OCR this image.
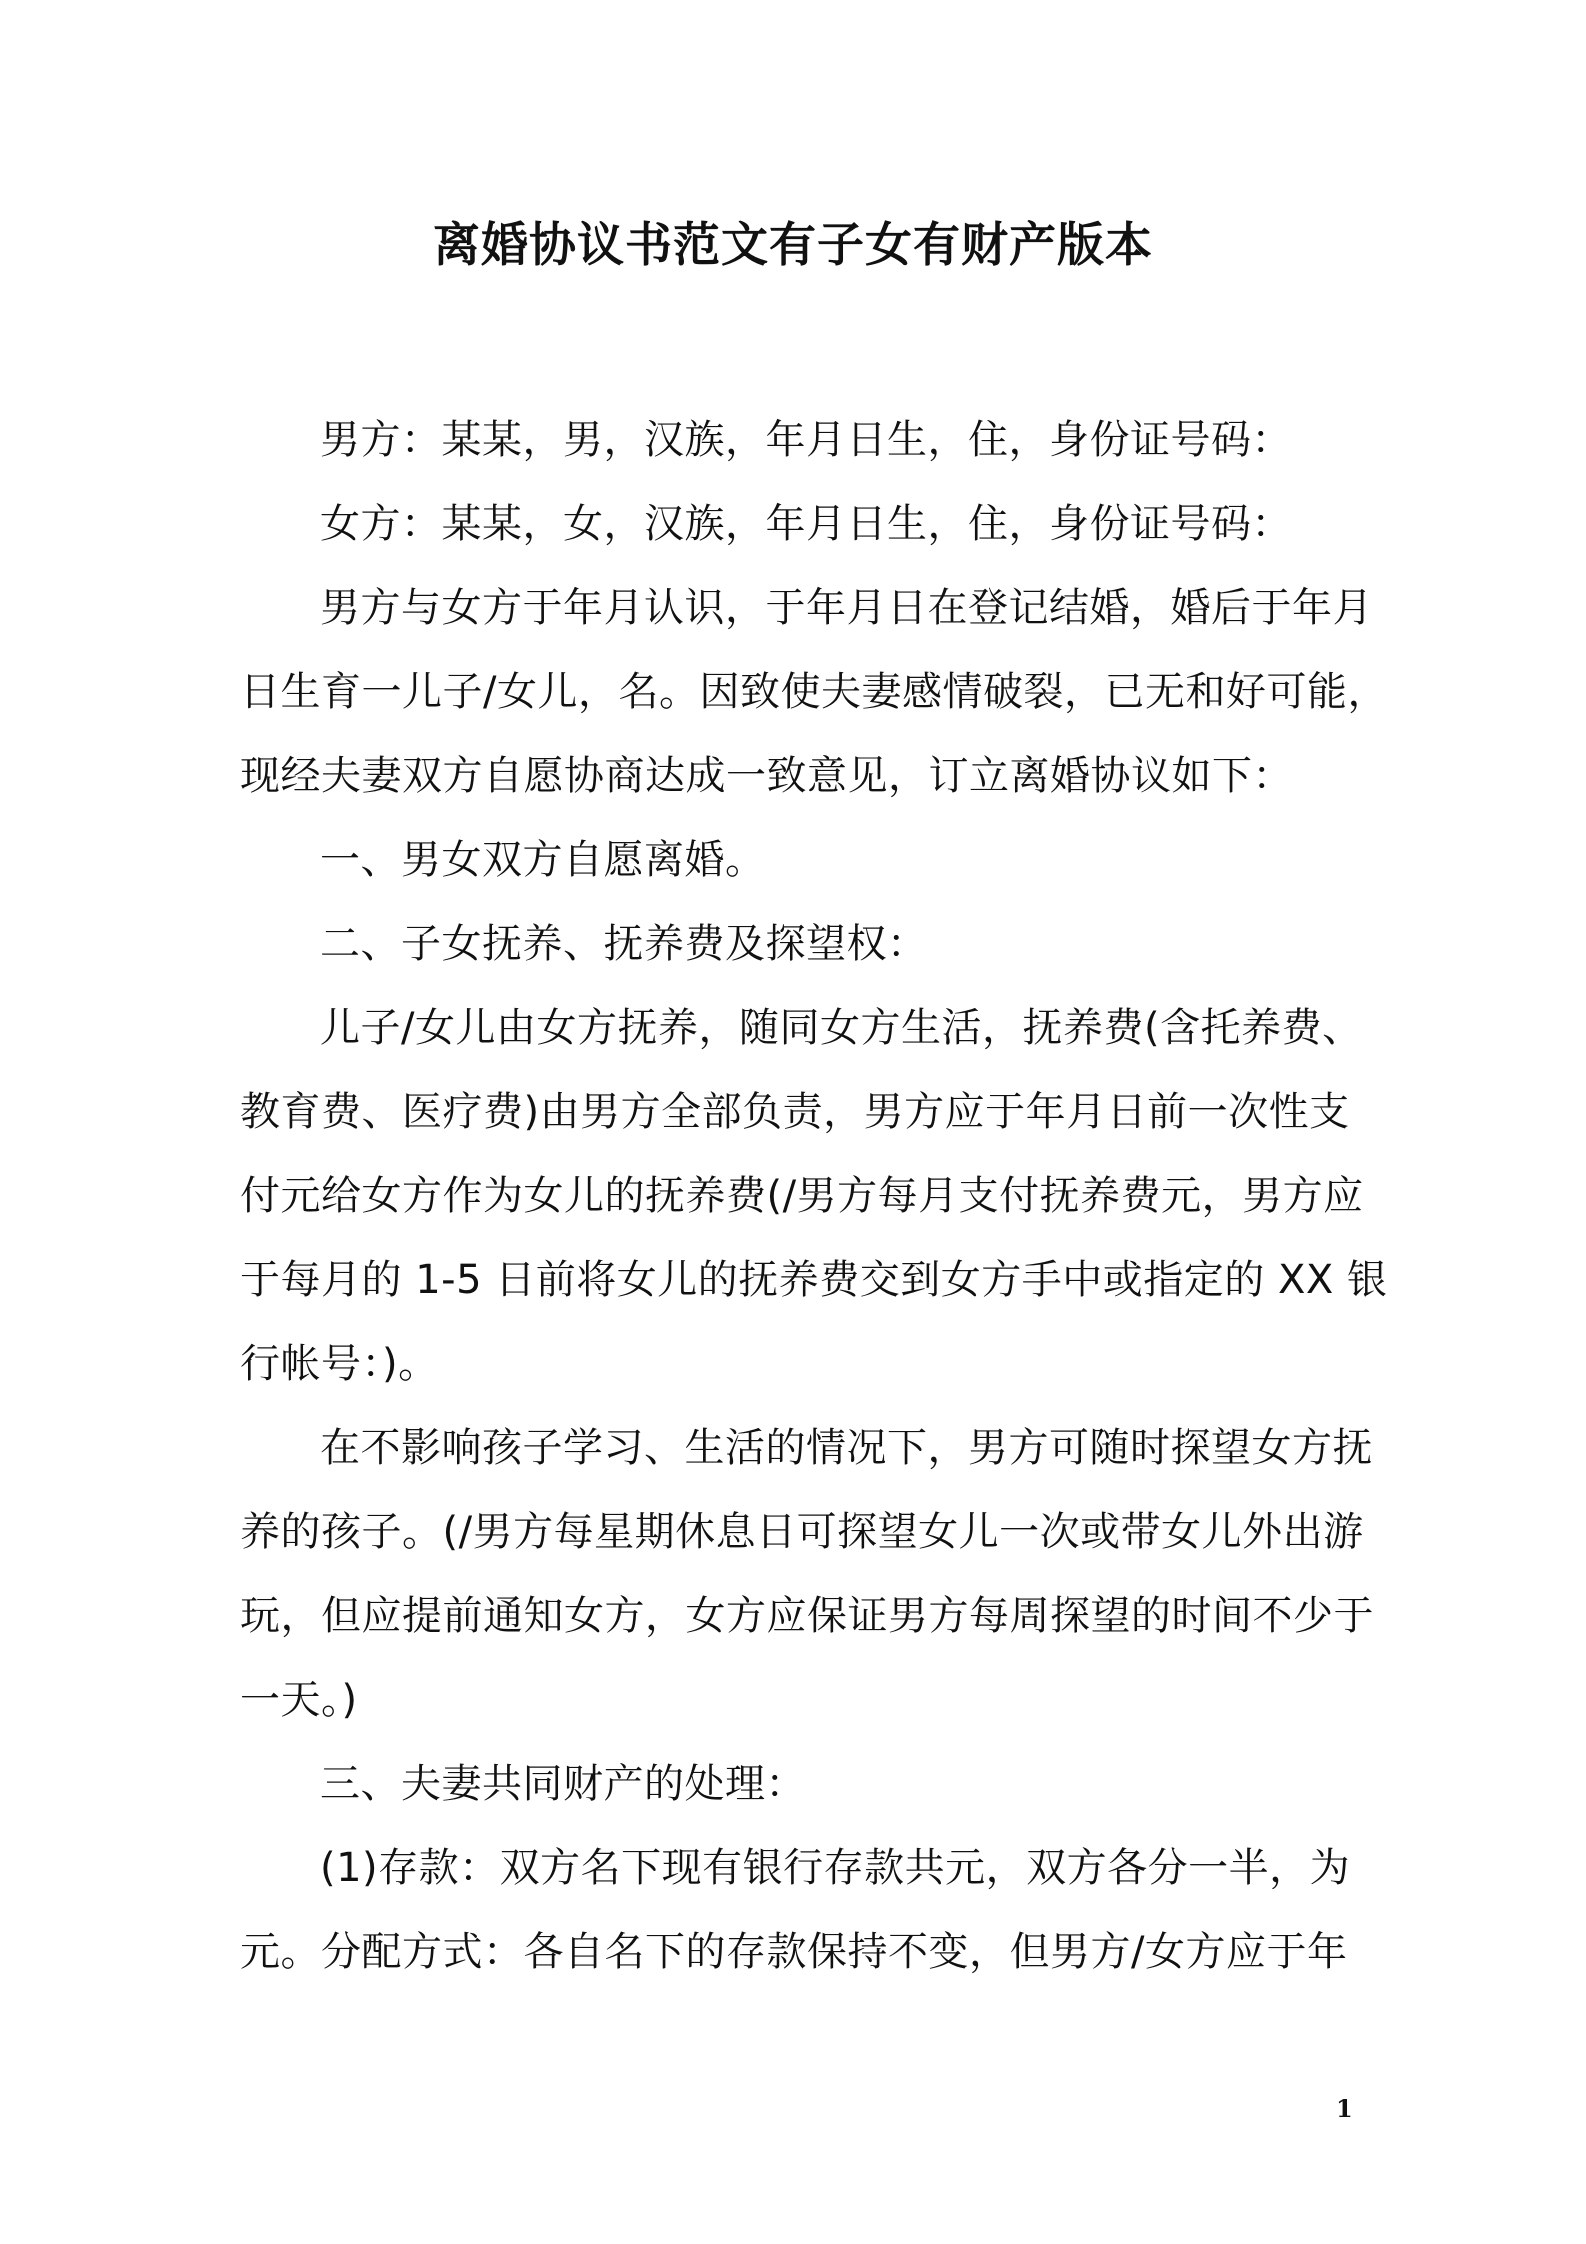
离婚协议书范文有子女有财产版本
男方：某某，男，汉族，年月日生，住，身份证号码：
女方：某某，女，汉族，年月日生，住，身份证号码：
男方与女方于年月认识，于年月日在登记结婚，婚后于年月
日生育一儿子/女儿，名。因致使夫妻感情破裂，已无和好可能，
现经夫妻双方自愿协商达成一致意见，订立离婚协议如下：
一、男女双方自愿离婚。
二、子女抚养、抚养费及探望权：
儿子/女儿由女方抚养，随同女方生活，抚养费(含托养费、
教育费、医疗费)由男方全部负责，男方应于年月日前一次性支
付元给女方作为女儿的抚养费(/男方每月支付抚养费元，男方应
于每月的 1-5 日前将女儿的抚养费交到女方手中或指定的 XX 银
行帐号：)。
在不影响孩子学习、生活的情况下，男方可随时探望女方抚
养的孩子。(/男方每星期休息日可探望女儿一次或带女儿外出游
玩，但应提前通知女方，女方应保证男方每周探望的时间不少于
一天。)
三、夫妻共同财产的处理：
(1)存款：双方名下现有银行存款共元，双方各分一半，为
元。分配方式：各自名下的存款保持不变，但男方/女方应于年
1
